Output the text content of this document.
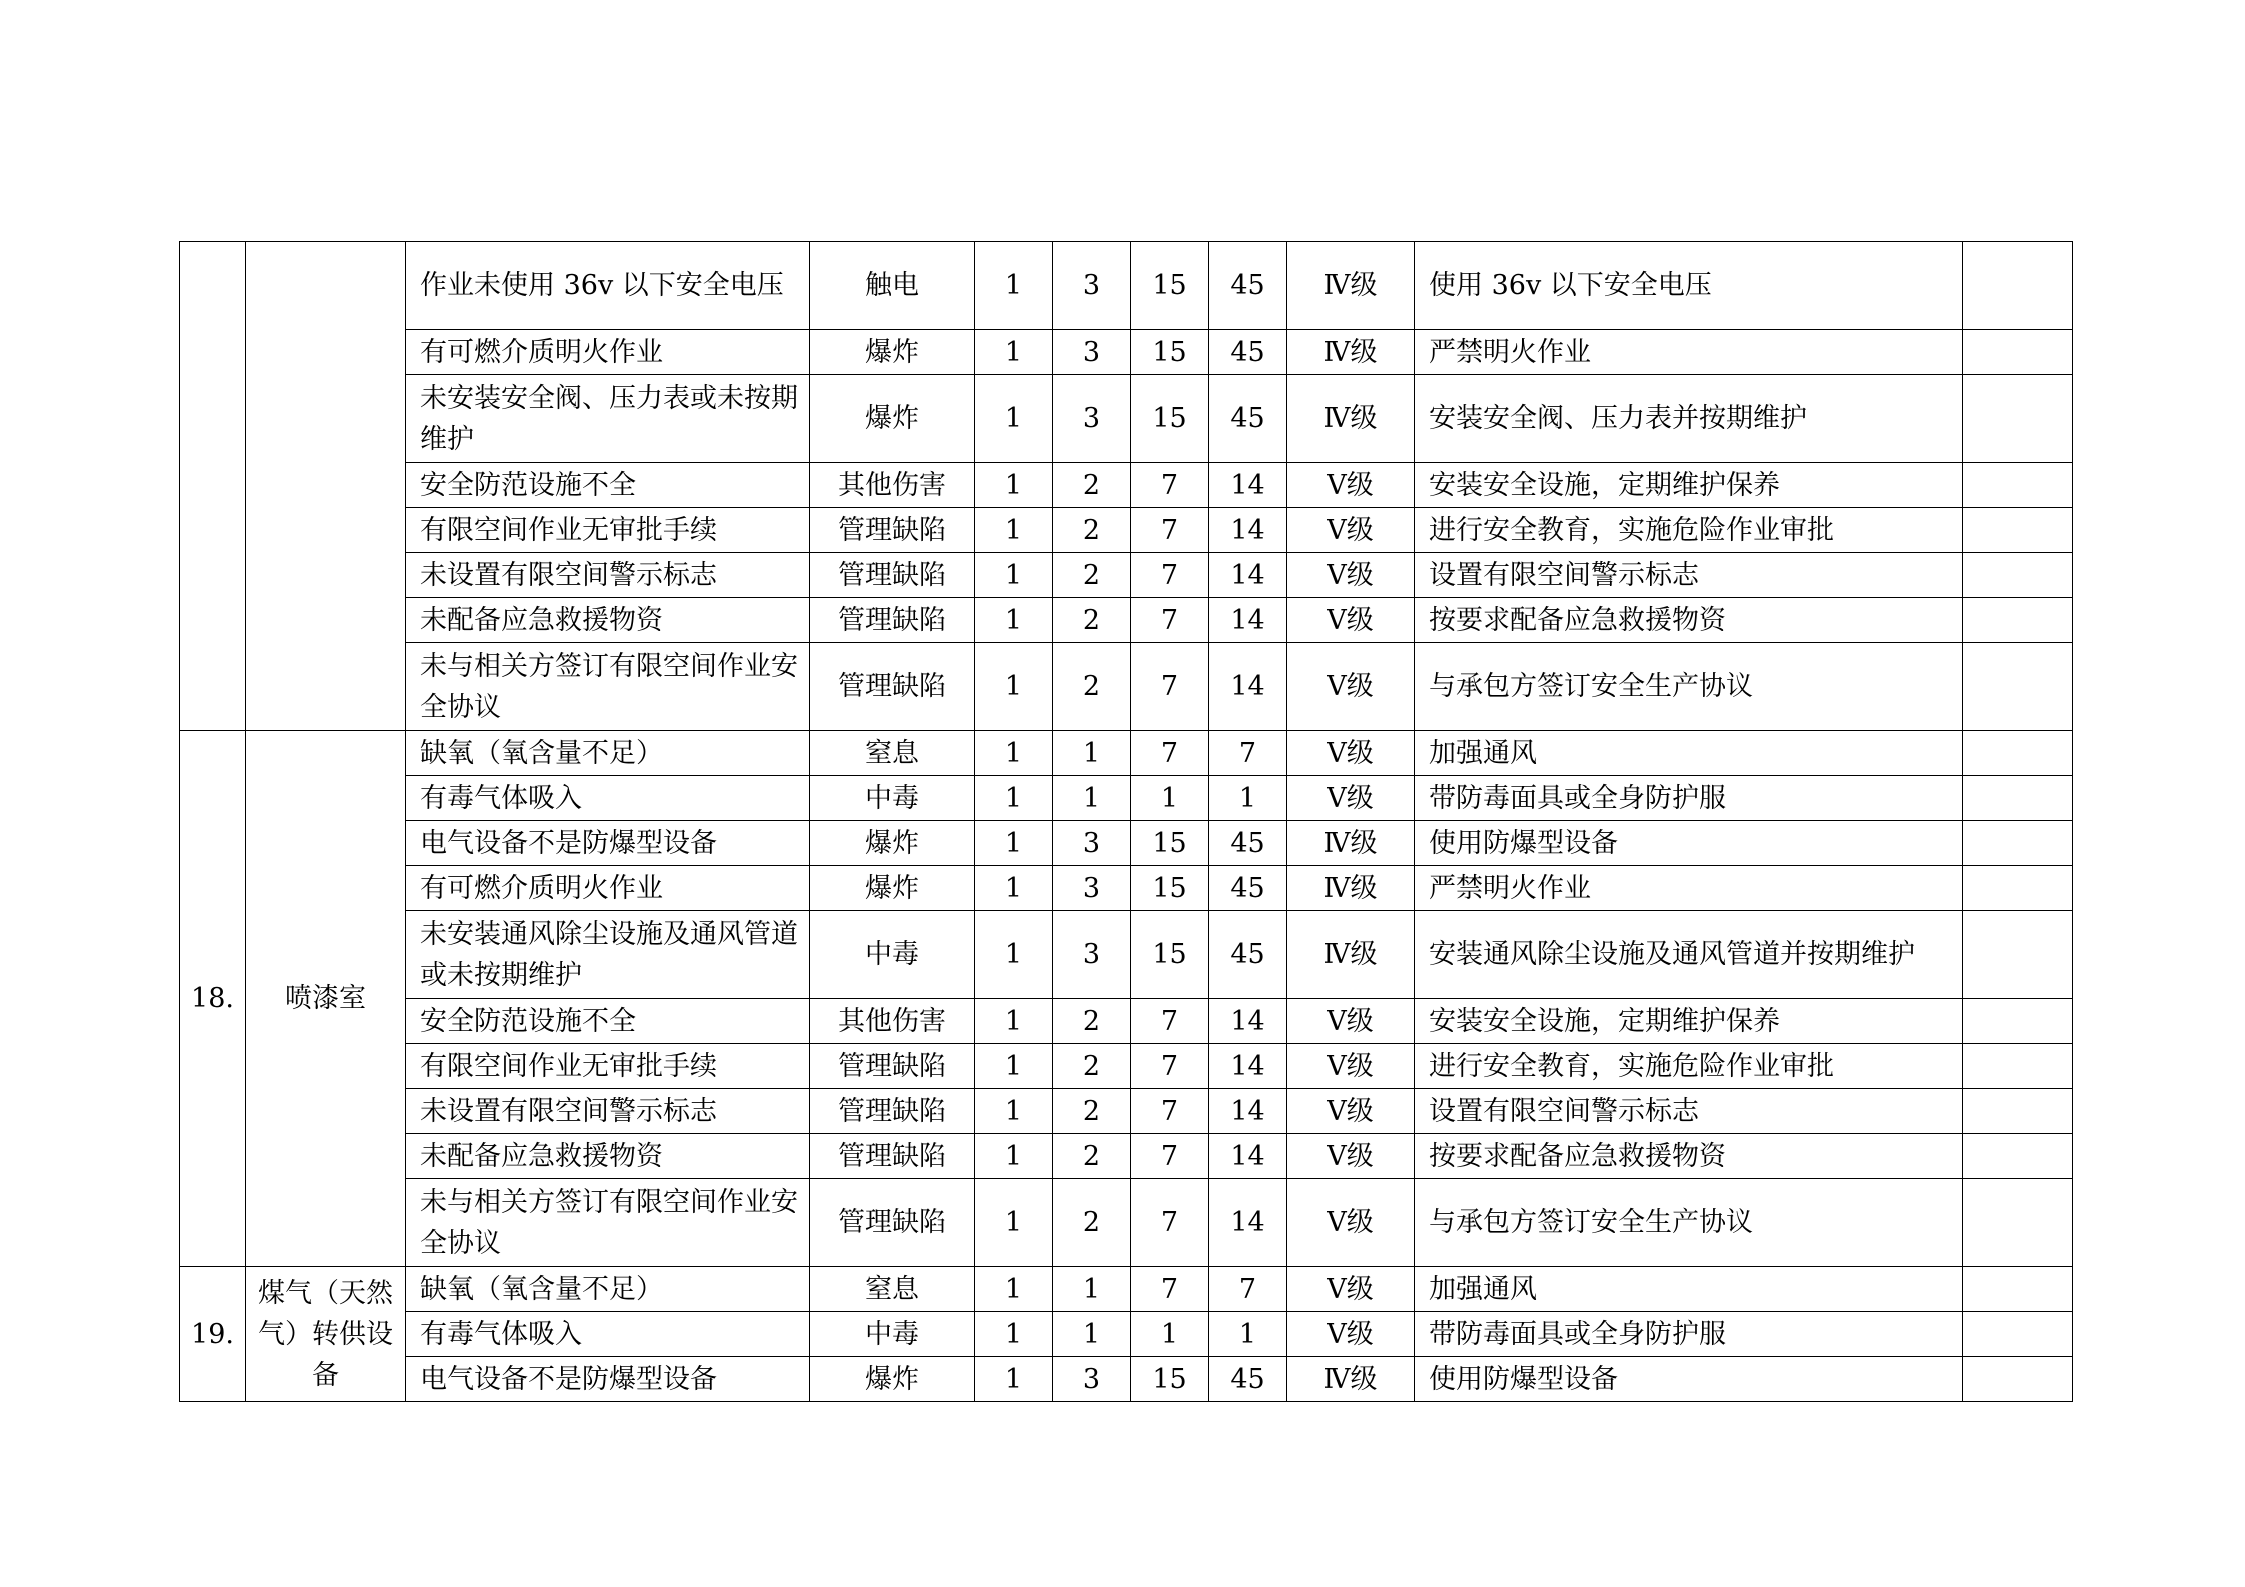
		作业未使用 36v 以下安全电压	触电	1	3	15	45	Ⅳ级	使用 36v 以下安全电压	
		有可燃介质明火作业	爆炸	1	3	15	45	Ⅳ级	严禁明火作业	
		未安装安全阀、压力表或未按期维护	爆炸	1	3	15	45	Ⅳ级	安装安全阀、压力表并按期维护	
		安全防范设施不全	其他伤害	1	2	7	14	Ⅴ级	安装安全设施，定期维护保养	
		有限空间作业无审批手续	管理缺陷	1	2	7	14	Ⅴ级	进行安全教育，实施危险作业审批	
		未设置有限空间警示标志	管理缺陷	1	2	7	14	Ⅴ级	设置有限空间警示标志	
		未配备应急救援物资	管理缺陷	1	2	7	14	Ⅴ级	按要求配备应急救援物资	
		未与相关方签订有限空间作业安全协议	管理缺陷	1	2	7	14	Ⅴ级	与承包方签订安全生产协议	
18.	喷漆室	缺氧（氧含量不足）	窒息	1	1	7	7	Ⅴ级	加强通风	
		有毒气体吸入	中毒	1	1	1	1	Ⅴ级	带防毒面具或全身防护服	
		电气设备不是防爆型设备	爆炸	1	3	15	45	Ⅳ级	使用防爆型设备	
		有可燃介质明火作业	爆炸	1	3	15	45	Ⅳ级	严禁明火作业	
		未安装通风除尘设施及通风管道或未按期维护	中毒	1	3	15	45	Ⅳ级	安装通风除尘设施及通风管道并按期维护	
		安全防范设施不全	其他伤害	1	2	7	14	Ⅴ级	安装安全设施，定期维护保养	
		有限空间作业无审批手续	管理缺陷	1	2	7	14	Ⅴ级	进行安全教育，实施危险作业审批	
		未设置有限空间警示标志	管理缺陷	1	2	7	14	Ⅴ级	设置有限空间警示标志	
		未配备应急救援物资	管理缺陷	1	2	7	14	Ⅴ级	按要求配备应急救援物资	
		未与相关方签订有限空间作业安全协议	管理缺陷	1	2	7	14	Ⅴ级	与承包方签订安全生产协议	
19.	煤气（天然气）转供设备	缺氧（氧含量不足）	窒息	1	1	7	7	Ⅴ级	加强通风	
		有毒气体吸入	中毒	1	1	1	1	Ⅴ级	带防毒面具或全身防护服	
		电气设备不是防爆型设备	爆炸	1	3	15	45	Ⅳ级	使用防爆型设备	
